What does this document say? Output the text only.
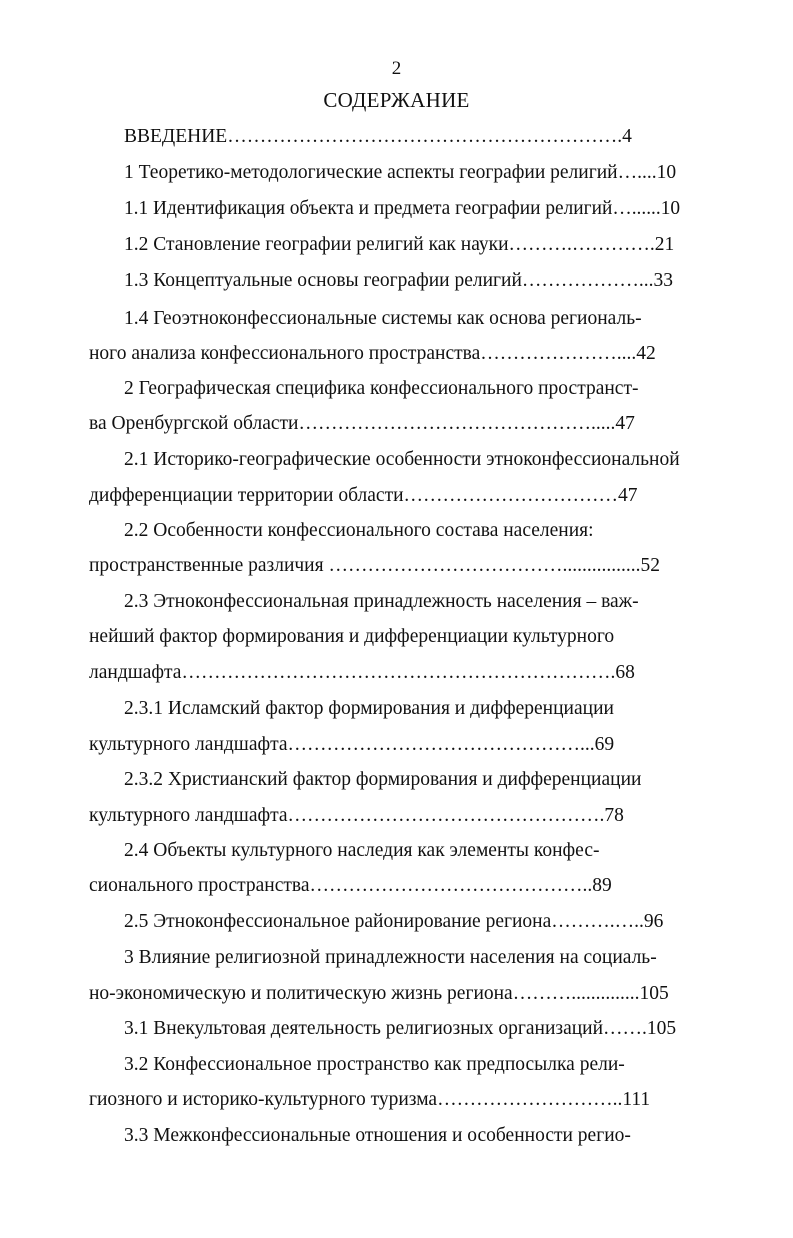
2
СОДЕРЖАНИЕ
ВВЕДЕНИЕ…………………………………………………….4
1 Теоретико-методологические аспекты географии религий…....10
1.1 Идентификация объекта и предмета географии религий…......10
1.2 Становление географии религий как науки……….………….21
1.3 Концептуальные основы географии религий………………...33
1.4 Геоэтноконфессиональные системы как основа региональ-
ного анализа конфессионального пространства…………………....42
2 Географическая специфика конфессионального пространст-
ва Оренбургской области……………………………………….....47
2.1 Историко-географические особенности этноконфессиональной
дифференциации территории области……………………………47
2.2 Особенности конфессионального состава населения:
пространственные различия ………………………………................52
2.3 Этноконфессиональная принадлежность населения – важ-
нейший фактор формирования и дифференциации культурного
ландшафта………………………………………………………….68
2.3.1 Исламский фактор формирования и дифференциации
культурного ландшафта………………………………………...69
2.3.2 Христианский фактор формирования и дифференциации
культурного ландшафта………………………………………….78
2.4 Объекты культурного наследия как элементы конфес-
сионального пространства……………………………………..89
2.5 Этноконфессиональное районирование региона……….…..96
3 Влияние религиозной принадлежности населения на социаль-
но-экономическую и политическую жизнь региона………..............105
3.1 Внекультовая деятельность религиозных организаций…….105
3.2 Конфессиональное пространство как предпосылка рели-
гиозного и историко-культурного туризма………………………..111
3.3 Межконфессиональные отношения и особенности регио-
